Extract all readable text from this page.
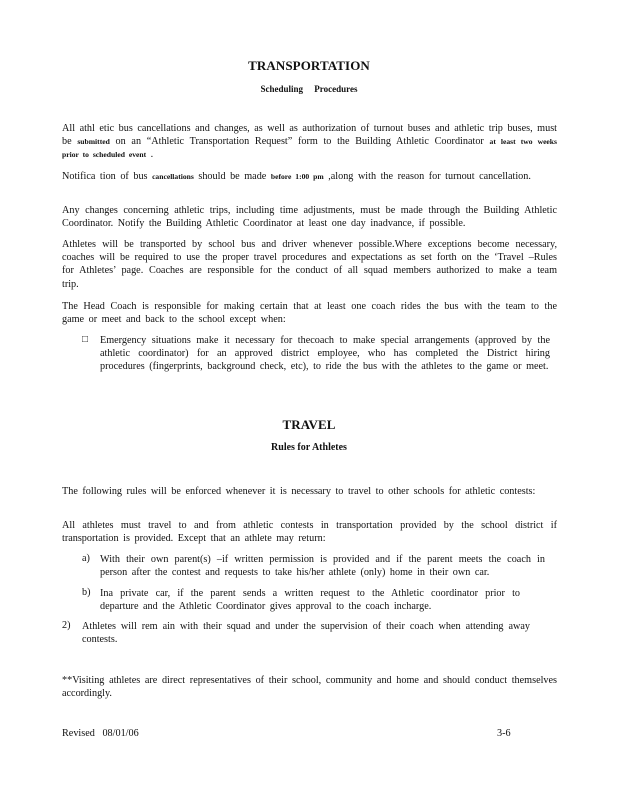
TRANSPORTATION
Scheduling     Procedures
All athl etic bus cancellations and changes, as well as authorization of turnout buses and athletic trip buses, must be submitted on an “Athletic Transportation Request” form to the Building Athletic Coordinator at least two weeks prior to scheduled event .
Notifica tion of bus cancellations should be made before 1:00 pm ,along with the reason for turnout cancellation.
Any changes concerning athletic trips, including time adjustments, must be made through the Building Athletic Coordinator. Notify the Building Athletic Coordinator at least one day inadvance, if possible.
Athletes will be transported by school bus and driver whenever possible.Where exceptions become necessary, coaches will be required to use the proper travel procedures and expectations as set forth on the ‘Travel –Rules for Athletes’ page. Coaches are responsible for the conduct of all squad members authorized to make a team trip.
The Head Coach is responsible for making certain that at least one coach rides the bus with the team to the game or meet and back to the school except when:
□ Emergency situations make it necessary for thecoach to make special arrangements (approved by the athletic coordinator) for an approved district employee, who has completed the District hiring procedures (fingerprints, background check, etc), to ride the bus with the athletes to the game or meet.
TRAVEL
Rules for Athletes
The following rules will be enforced whenever it is necessary to travel to other schools for athletic contests:
All athletes must travel to and from athletic contests in transportation provided by the school district if transportation is provided. Except that an athlete may return:
a) With their own parent(s) –if written permission is provided and if the parent meets the coach in person after the contest and requests to take his/her athlete (only) home in their own car.
b) Ina private car, if the parent sends a written request to the Athletic coordinator prior to departure and the Athletic Coordinator gives approval to the coach incharge.
2) Athletes will rem ain with their squad and under the supervision of their coach when attending away contests.
**Visiting athletes are direct representatives of their school, community and home and should conduct themselves accordingly.
Revised   08/01/06	3-6
